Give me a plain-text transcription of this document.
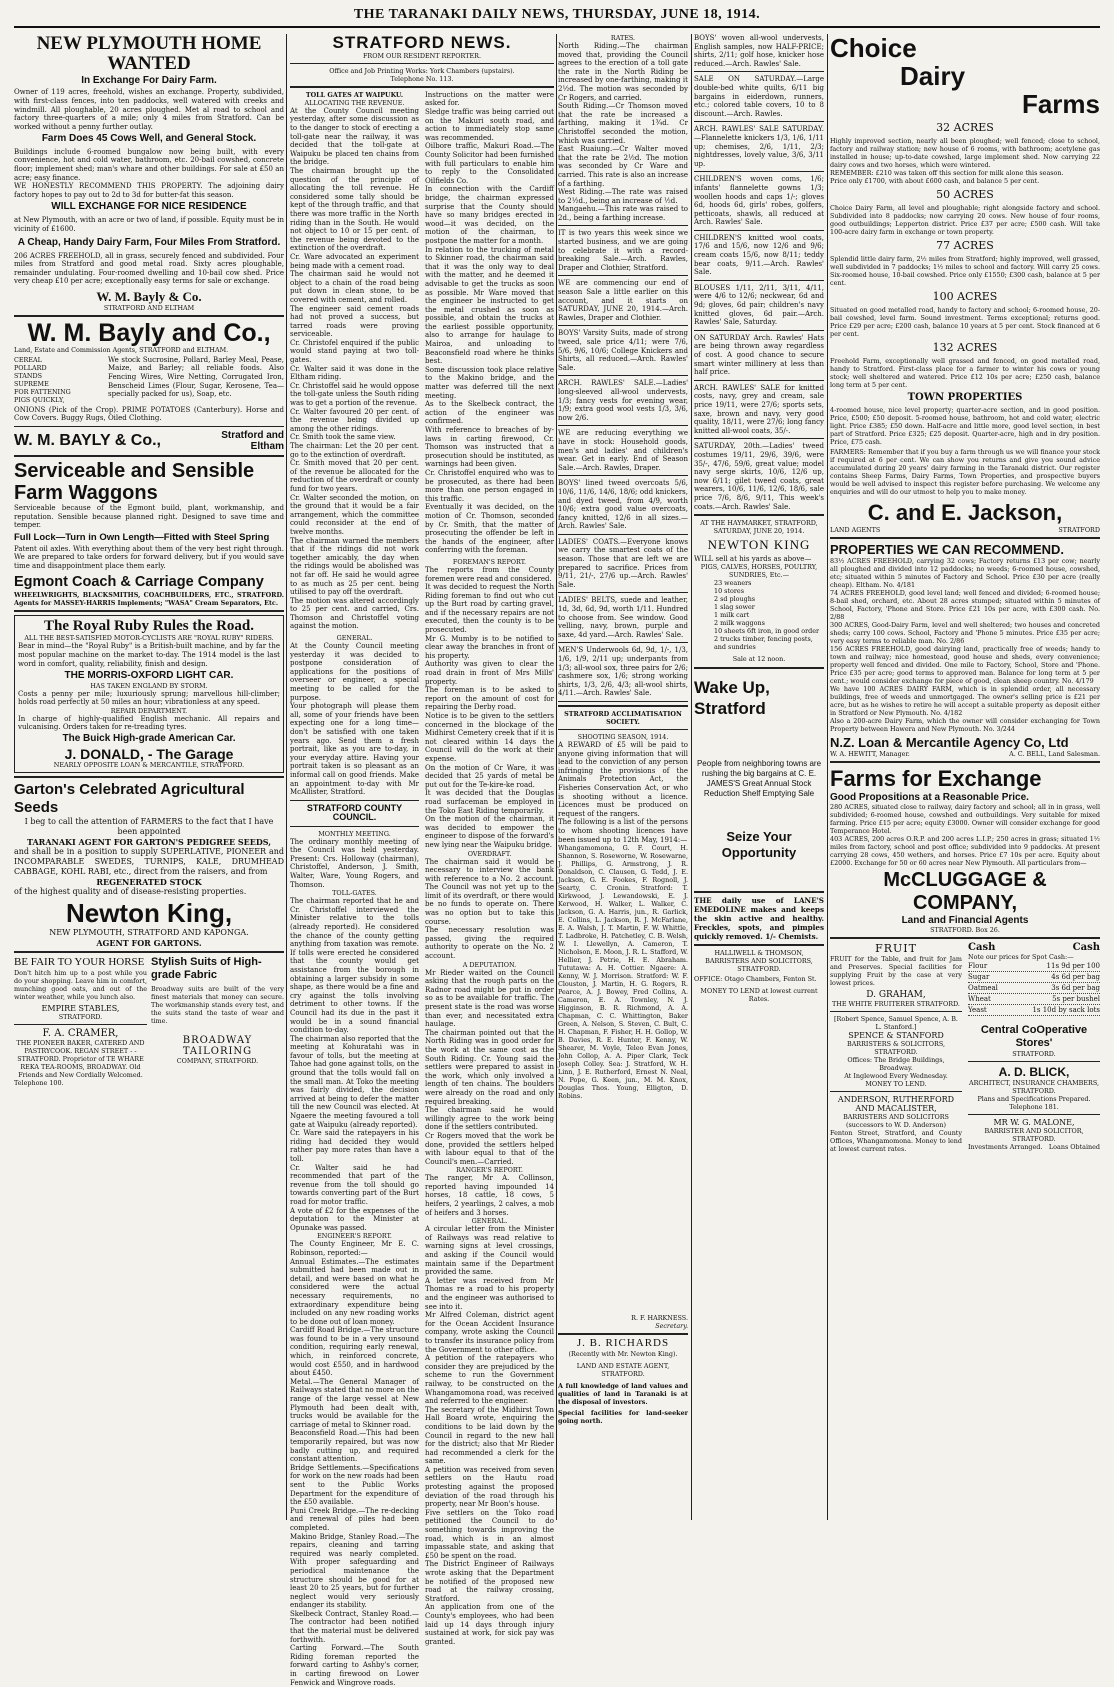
THE TARANAKI DAILY NEWS, THURSDAY, JUNE 18, 1914.
NEW PLYMOUTH HOME WANTED
In Exchange For Dairy Farm.

Owner of 119 acres, freehold, wishes an exchange. Property, subdivided, with first-class fences, into ten paddocks, well watered with creeks and windmill. All ploughable, 20 acres ploughed. Met al road to school and factory three-quarters of a mile; only 4 miles from Stratford. Can be worked without a penny further outlay.

Farm Does 45 Cows Well, and General Stock.

Buildings include 6-roomed bungalow now being built, with every convenience, hot and cold water, bathroom, etc. 20-bail cowshed, concrete floor; implement shed; man's whare and other buildings. For sale at £50 an acre; easy finance.

WE HONESTLY RECOMMEND THIS PROPERTY. The adjoining dairy factory hopes to pay out to 2d to 3d for butter-fat this season.

WILL EXCHANGE FOR NICE RESIDENCE

at New Plymouth, with an acre or two of land, if possible. Equity must be in vicinity of £1600.

A Cheap, Handy Dairy Farm, Four Miles From Stratford.

206 ACRES FREEHOLD, all in grass, securely fenced and subdivided. Four miles from Stratford and good metal road. Sixty acres ploughable, remainder undulating. Four-roomed dwelling and 10-bail cow shed. Price very cheap £10 per acre; exceptionally easy terms for sale or exchange.

W. M. Bayly & Co.
STRATFORD AND ELTHAM
W. M. Bayly and Co.,
Land, Estate and Commission Agents, STRATFORD and ELTHAM.
CEREAL
POLLARD
STANDS
SUPREME
FOR FATTENING
PIGS QUICKLY,

We stock Sucrosine, Pollard, Barley Meal, Pease, Maize, and Barley; all reliable foods. Also Fencing Wires, Wire Netting, Corrugated Iron, Benscheid Limes (Flour, Sugar, Kerosene, Tea—specially packed for us), Soap, etc.

ONIONS (Pick of the Crop). PRIME POTATOES (Canterbury). Horse and Cow Covers. Buggy Rugs, Oiled Clothing.

W. M. BAYLY & Co.,	Stratford and Eltham
Serviceable and Sensible Farm Waggons

Serviceable because of the Egmont build, plant, workmanship, and reputation. Sensible because planned right. Designed to save time and temper.

Full Lock—Turn in Own Length—Fitted with Steel Spring

Patent oil axles. With everything about them of the very best right through. We are prepared to take orders for forward delivery, but if you would save time and disappointment place them early.

Egmont Coach & Carriage Company

WHEELWRIGHTS, BLACKSMITHS, COACHBUILDERS, ETC., STRATFORD. Agents for MASSEY-HARRIS Implements; "WASA" Cream Separators, Etc.

The Royal Ruby Rules the Road.
ALL THE BEST-SATISFIED MOTOR-CYCLISTS ARE "ROYAL RUBY" RIDERS.

Bear in mind—the "Royal Ruby" is a British-built machine, and by far the most popular machine on the market to-day. The 1914 model is the last word in comfort, quality, reliability, finish and design.

THE MORRIS-OXFORD LIGHT CAR.
HAS TAKEN ENGLAND BY STORM.

Costs a penny per mile; luxuriously sprung; marvellous hill-climber; holds road perfectly at 50 miles an hour; vibrationless at any speed.

REPAIR DEPARTMENT.

In charge of highly-qualified English mechanic. All repairs and vulcanising. Orders taken for re-treading tyres.

The Buick High-grade American Car.
J. DONALD, - The Garage
NEARLY OPPOSITE LOAN & MERCANTILE, STRATFORD.
Garton's Celebrated Agricultural Seeds

I beg to call the attention of FARMERS to the fact that I have been appointed

TARANAKI AGENT FOR GARTON'S PEDIGREE SEEDS,

and shall be in a position to supply SUPERLATIVE, PIONEER and INCOMPARABLE SWEDES, TURNIPS, KALE, DRUMHEAD CABBAGE, KOHL RABI, etc., direct from the raisers, and from

REGENERATED STOCK

of the highest quality and of disease-resisting properties.

Newton King,
NEW PLYMOUTH, STRATFORD AND KAPONGA.
AGENT FOR GARTONS.
BE FAIR TO YOUR HORSE

Don't hitch him up to a post while you do your shopping. Leave him in comfort, munching good oats, and out of the winter weather, while you lunch also.

EMPIRE STABLES,
STRATFORD.
F. A. CRAMER,

THE PIONEER BAKER, CATERED AND PASTRYCOOK. REGAN STREET - - STRATFORD. Proprietor of TE WHARE REKA TEA-ROOMS, BROADWAY. Old Friends and New Cordially Welcomed.

Telephone 100.
Stylish Suits of High-grade Fabric

Broadway suits are built of the very finest materials that money can secure. The workmanship stands every test, and the suits stand the taste of wear and time.

BROADWAY TAILORING
COMPANY, STRATFORD.
STRATFORD NEWS.
FROM OUR RESIDENT REPORTER.
Office and Job Printing Works: York Chambers (upstairs).
Telephone No. 113.
TOLL GATES AT WAIPUKU.
ALLOCATING THE REVENUE.

At the County Council meeting yesterday, after some discussion as to the danger to stock of erecting a toll-gate near the railway, it was decided that the toll-gate at Waipuku be placed ten chains from the bridge.

The chairman brought up the question of the principle of allocating the toll revenue. He considered some tally should be kept of the through traffic, and that there was more traffic in the North riding than in the South. He would not object to 10 or 15 per cent. of the revenue being devoted to the extinction of the overdraft.

Cr. Ware advocated an experiment being made with a cement road.

The chairman said he would not object to a chain of the road being put down in clean stone, to be covered with cement, and rolled.

The engineer said cement roads had not proved a success, but tarred roads were proving serviceable.

Cr. Christofel enquired if the public would stand paying at two toll-gates.

Cr. Walter said it was done in the Eltham riding.

Cr. Christoffel said he would oppose the toll-gate unless the South riding was to get a portion of the revenue.

Cr. Walter favoured 20 per cent. of the revenue being divided up among the other ridings.

Cr. Smith took the same view.

The chairman: Let the 20 per cent. go to the extinction of overdraft.

Cr. Smith moved that 20 per cent. of the revenue be allocated for the reduction of the overdraft or county fund for two years.

Cr. Walter seconded the motion, on the ground that it would be a fair arrangement, which the committee could reconsider at the end of twelve months.

The chairman warned the members that if the ridings did not work together amicably, the day when the ridings would be abolished was not far off. He said he would agree to as much as 25 per cent. being utilised to pay off the overdraft.

The motion was altered accordingly to 25 per cent. and carried, Crs. Thomson and Christoffel voting against the motion.

GENERAL.

At the County Council meeting yesterday it was decided to postpone consideration of applications for the positions of overseer or engineer, a special meeting to be called for the purpose.

Your photograph will please them all, some of your friends have been expecting one for a long time—don't be satisfied with one taken years ago. Send them a fresh portrait, like as you are to-day, in your everyday attire. Having your portrait taken is so pleasant as an informal call on good friends. Make an appointment to-day with Mr McAllister, Stratford.

STRATFORD COUNTY COUNCIL.
MONTHLY MEETING.

The ordinary monthly meeting of the Council was held yesterday. Present: Crs. Holloway (chairman), Christoffel, Anderson, J. Smith, Walter, Ware, Young Rogers, and Thomson.

TOLL-GATES.

The chairman reported that he and Cr. Christoffel interviewed the Minister relative to the tolls (already reported). He considered the chance of the county getting anything from taxation was remote. If tolls were erected he considered that the county would get assistance from the borough in obtaining a larger subsidy in some shape, as there would be a fine and cry against the tolls involving detriment to other towns. If the Council had its due in the past it would be in a sound financial condition to-day.

The chairman also reported that the meeting at Kohuratahi was in favour of tolls, but the meeting at Tahoe had gone against tolls, on the ground that the tolls would fall on the small man. At Toko the meeting was fairly divided, the decision arrived at being to defer the matter till the new Council was elected. At Ngaere the meeting favoured a toll gate at Waipuku (already reported).

Cr. Ware said the ratepayers in his riding had decided they would rather pay more rates than have a toll.

Cr. Walter said he had recommended that part of the revenue from the toll should go towards converting part of the Burt road for motor traffic.

A vote of £2 for the expenses of the deputation to the Minister at Opunake was passed.

ENGINEER'S REPORT.

The County Engineer, Mr E. C. Robinson, reported:—

Annual Estimates.—The estimates submitted had been made out in detail, and were based on what he considered were the actual necessary requirements, no extraordinary expenditure being included on any new roading works to be done out of loan money.

Cardiff Road Bridge.—The structure was found to be in a very unsound condition, requiring early renewal, which, in reinforced concrete, would cost £550, and in hardwood about £450.

Metal.—The General Manager of Railways stated that no more on the range of the large vessel at New Plymouth had been dealt with, trucks would be available for the carriage of metal to Skinner road.

Beaconsfield Road.—This had been temporarily repaired, but was now badly cutting up, and required constant attention.

Bridge Settlements.—Specifications for work on the new roads had been sent to the Public Works Department for the expenditure of the £50 available.

Puni Creek Bridge.—The re-decking and renewal of piles had been completed.

Makino Bridge, Stanley Road.—The repairs, cleaning and tarring required was nearly completed. With proper safeguarding and periodical maintenance the structure should be good for at least 20 to 25 years, but for further neglect would very seriously endanger its stability.

Skelbeck Contract, Stanley Road.—The contractor had been notified that the material must be delivered forthwith.

Carting Forward.—The South Riding foreman reported the forward carting to Ashby's corner, in carting firewood on Lower Fenwick and Wingrove roads.

Instructions on the matter were asked for.

Sledge traffic was being carried out on the Makuri south road, and action to immediately stop same was recommended.

Oilbore traffic, Makuri Road.—The County Solicitor had been furnished with full particulars to enable him to reply to the Consolidated Oilfields Co.

In connection with the Cardiff bridge, the chairman expressed surprise that the County should have so many bridges erected in wood—it was decided, on the motion of the chairman, to postpone the matter for a month.

In relation to the trucking of metal to Skinner road, the chairman said that it was the only way to deal with the matter, and he deemed it advisable to get the trucks as soon as possible. Mr Ware moved that the engineer be instructed to get the metal crushed as soon as possible, and obtain the trucks at the earliest possible opportunity, also to arrange for haulage to Mairoa, and unloading to Beaconsfield road where he thinks best.

Some discussion took place relative to the Makino bridge, and the matter was deferred till the next meeting.

As to the Skelbeck contract, the action of the engineer was confirmed.

With reference to breaches of by-laws in carting firewood, Cr. Thomson was instructed that a prosecution should be instituted, as warnings had been given.

Cr. Christoffel enquired who was to be prosecuted, as there had been more than one person engaged in this traffic.

Eventually it was decided, on the motion of Cr. Thomson, seconded by Cr. Smith, that the matter of prosecuting the offender be left in the hands of the engineer, after conferring with the foreman.

FOREMAN'S REPORT.

The reports from the County foremen were read and considered.

It was decided to request the North Riding foreman to find out who cut up the Burt road by carting gravel, and if the necessary repairs are not executed, then the county is to be prosecuted.

Mr G. Mumby is to be notified to clear away the branches in front of his property.

Authority was given to clear the road drain in front of Mrs Mills' property.

The foreman is to be asked to report on the amount of cost for repairing the Derby road.

Notice is to be given to the settlers concerned in the blockage of the Midhirst Cemetery creek that if it is not cleared within 14 days the Council will do the work at their expense.

On the motion of Cr Ware, it was decided that 25 yards of metal be put out for the Te-kire-ke road.

It was decided that the Douglas road surfaceman be employed in the Toko East Riding temporarily.

On the motion of the chairman, it was decided to empower the engineer to dispose of the forward's new lying near the Waipuku bridge.

OVERDRAFT.

The chairman said it would be necessary to interview the bank with reference to a No. 2 account. The Council was not yet up to the limit of its overdraft, or there would be no funds to operate on. There was no option but to take this course.

The necessary resolution was passed, giving the required authority to operate on the No. 2 account.

A DEPUTATION.

Mr Rieder waited on the Council asking that the rough parts on the Radnor road might be put in order so as to be available for traffic. The present state is the road was worse than ever, and necessitated extra haulage.

The chairman pointed out that the North Riding was in good order for the work at the same cost as the South Riding. Cr. Young said the settlers were prepared to assist in the work, which only involved a length of ten chains. The boulders were already on the road and only required breaking.

The chairman said he would willingly agree to the work being done if the settlers contributed.

Cr Rogers moved that the work be done, provided the settlers helped with labour equal to that of the Council's men.—Carried.

RANGER'S REPORT.

The ranger, Mr A. Collinson, reported having impounded 14 horses, 18 cattle, 18 cows, 5 heifers, 2 yearlings, 2 calves, a mob of heifers and 3 horses.

GENERAL.

A circular letter from the Minister of Railways was read relative to warning signs at level crossings, and asking if the Council would maintain same if the Department provided the same.

A letter was received from Mr Thomas re a road to his property and the engineer was authorised to see into it.

Mr Alfred Coleman, district agent for the Ocean Accident Insurance company, wrote asking the Council to transfer its insurance policy from the Government to other office.

A petition of the ratepayers who consider they are prejudiced by the scheme to run the Government railway, to be constructed on the Whangamomona road, was received and referred to the engineer.

The secretary of the Midhirst Town Hall Board wrote, enquiring the conditions to be laid down by the Council in regard to the new hall for the district; also that Mr Rieder had recommended a clerk for the same.

A petition was received from seven settlers on the Hautu road protesting against the proposed deviation of the road through his property, near Mr Boon's house.

Five settlers on the Toko road petitioned the Council to do something towards improving the road, which is in an almost impassable state, and asking that £50 be spent on the road.

The District Engineer of Railways wrote asking that the Department be notified of the proposed new road at the railway crossing, Stratford.

An application from one of the County's employees, who had been laid up 14 days through injury sustained at work, for sick pay was granted.

RATES.

North Riding.—The chairman moved that, providing the Council agrees to the erection of a toll gate the rate in the North Riding be increased by one-farthing, making it 2½d. The motion was seconded by Cr Rogers, and carried.

South Riding.—Cr Thomson moved that the rate be increased a farthing, making it 1¾d. Cr Christoffel seconded the motion, which was carried.

East Ruaiung.—Cr Walter moved that the rate be 2½d. The motion was seconded by Cr Ware and carried. This rate is also an increase of a farthing.

West Riding.—The rate was raised to 2½d., being an increase of ½d.

Mangaehu.—This rate was raised to 2d., being a farthing increase.

IT is two years this week since we started business, and we are going to celebrate it with a record-breaking Sale.—Arch. Rawles, Draper and Clothier, Stratford.

WE are commencing our end of season Sale a little earlier on this account, and it starts on SATURDAY, JUNE 20, 1914.—Arch. Rawles, Draper and Clothier.

BOYS' Varsity Suits, made of strong tweed, sale price 4/11; were 7/6, 5/6, 9/6, 10/6; College Knickers and Shirts, all reduced.—Arch. Rawles' Sale.

ARCH. RAWLES' SALE.—Ladies' long-sleeved all-wool undervests, 1/3; fancy vests for evening wear, 1/9; extra good wool vests 1/3, 3/6, now 2/6.

WE are reducing everything we have in stock: Household goods, men's and ladies' and children's wear. Get in early. End of Season Sale.—Arch. Rawles, Draper.

BOYS' lined tweed overcoats 5/6, 10/6, 11/6, 14/6, 18/6; odd knickers, and dyed tweed, from 4/9, worth 10/6; extra good value overcoats, fancy knitted, 12/6 in all sizes.—Arch. Rawles' Sale.

LADIES' COATS.—Everyone knows we carry the smartest coats of the season. Those that are left we are prepared to sacrifice. Prices from 9/11, 21/-, 27/6 up.—Arch. Rawles' Sale.

LADIES' BELTS, suede and leather, 1d, 3d, 6d, 9d, worth 1/11. Hundred to choose from. See window. Good velling, navy, brown, purple and saxe, 4d yard.—Arch. Rawles' Sale.

MEN'S Underwools 6d, 9d, 1/-, 1/3, 1/6, 1/9, 2/11 up; underpants from 1/3; all-wool sox, three pairs for 2/6; cashmere sox, 1/6; strong working shirts, 1/3, 2/6, 4/3; all-wool shirts, 4/11.—Arch. Rawles' Sale.

STRATFORD ACCLIMATISATION SOCIETY.
SHOOTING SEASON, 1914.

A REWARD of £5 will be paid to anyone giving information that will lead to the conviction of any person infringing the provisions of the Animals Protection Act, the Fisheries Conservation Act, or who is shooting without a licence. Licences must be produced on request of the rangers.

The following is a list of the persons to whom shooting licences have been issued up to 12th May, 1914:—

Whangamomona, G. F. Court, H. Shannon, S. Roseworne, W. Rosewarne, J. Phillips, G. Armstrong, J. R. Donaldson, C. Clausen, G. Tedd, J. E. Jackson, G. E. Fookes, F. Rognoll, J. Searty, C. Cronin. Stratford: T. Kirkwood, J. Lewandowski, E. J. Kerwood, H. Walker, L. Walker, C. Jackson, G. A. Harris, jun., R. Garlick, E. Collins, L. Jackson, R. J. McFarlane, E. A. Walsh, J. T. Martin, F. W. Whittle, T. Ladbroke, H. Patchetley, C. B. Welsh, W. I. Llewellyn, A. Cameron, T. Nicholson, E. Moon, J. R. L. Stafford, W. Hellier, J. Petrie, H. E. Abraham. Tututawa: A. H. Cottier. Ngaere: A. Kenny, W. J. Morrison. Stratford: W. F. Clouston, J. Martin, H. G. Rogers, R. Pearce, A. J. Bowey, Fred Collins, A. Cameron, E. A. Townley, N. J. Higginson, B. R. Richmond, A. A. Chapman, C. C. Whittington, Baker Green, A. Nelson, S. Steven, C. Bult, C. H. Chapman, F. Fisher, H. H. Gollop, W. B. Davies, R. E. Hunter, F. Kenny, W. Shearer, M. Voyle, Teleo Evan Jones, John Collop, A. A. Piper Clark, Teck Joseph Colley. Sea: J. Stratford, W. H. Linn, J. E. Rutherford, Ernest N. Neal, N. Pope, G. Keen, jun., M. M. Knox, Douglas Thos. Young, Elligton, D. Robins.

R. F. HARKNESS.
Secretary.
J. B. RICHARDS
(Recently with Mr. Newton King).
LAND AND ESTATE AGENT,
STRATFORD.

A full knowledge of land values and qualities of land in Taranaki is at the disposal of investors.

Special facilities for land-seeker going north.

BOYS' woven all-wool undervests, English samples, now HALF-PRICE; shirts, 2/11; golf hose, knicker hose reduced.—Arch. Rawles' Sale.

SALE ON SATURDAY.—Large double-bed white quilts, 6/11 big bargains in eiderdown, runners, etc.; colored table covers, 10 to 8 discount.—Arch. Rawles.

ARCH. RAWLES' SALE SATURDAY.—Flannelette knickers 1/3, 1/6, 1/11 up; chemises, 2/6, 1/11, 2/3; nightdresses, lovely value, 3/6, 3/11 up.

CHILDREN'S woven coms, 1/6; infants' flannelette gowns 1/3; woollen hoods and caps 1/-; gloves 6d, hoods 6d, girls' robes, golfers, petticoats, shawls, all reduced at Arch. Rawles' Sale.

CHILDREN'S knitted wool coats, 17/6 and 15/6, now 12/6 and 9/6; cream coats 15/6, now 8/11; teddy bear coats, 9/11.—Arch. Rawles' Sale.

BLOUSES 1/11, 2/11, 3/11, 4/11, were 4/6 to 12/6; neckwear, 6d and 9d; gloves, 6d pair; children's navy knitted gloves, 6d pair.—Arch. Rawles' Sale, Saturday.

ON SATURDAY Arch. Rawles' Hats are being thrown away regardless of cost. A good chance to secure smart winter millinery at less than half price.

ARCH. RAWLES' SALE for knitted costs, navy, grey and cream, sale price 19/11, were 27/6; sports sets, saxe, brown and navy, very good quality, 18/11, were 27/6; long fancy knitted all-wool coats, 35/-.

SATURDAY, 20th.—Ladies' tweed costumes 19/11, 29/6, 39/6, were 35/-, 47/6, 59/6, great value; model navy serge skirts, 10/6, 12/6 up, now 6/11; gilet tweed coats, great wearers, 10/6, 11/6, 12/6, 18/6, sale price 7/6, 8/6, 9/11, This week's coats.—Arch. Rawles' Sale.

AT THE HAYMARKET, STRATFORD,
SATURDAY, JUNE 20, 1914.
NEWTON KING

WILL sell at his yards as above—

PIGS, CALVES, HORSES, POULTRY, SUNDRIES, Etc.—
23 weaners
10 stores
2 sd ploughs
1 slag sower
1 milk cart
2 milk waggons
10 sheets 6ft iron, in good order
2 trucks timber, fencing posts, and sundries
Sale at 12 noon.
Wake Up, Stratford

People from neighboring towns are rushing the big bargains at C. E. JAMES'S Great Annual Stock Reduction Shelf Emptying Sale

Seize Your Opportunity

THE daily use of LANE'S EMEDOLINE makes and keeps the skin active and healthy. Freckles, spots, and pimples quickly removed. 1/- Chemists.

HALLIWELL & THOMSON,
BARRISTERS AND SOLICITORS, STRATFORD.
OFFICE: Otago Chambers, Fenton St.
MONEY TO LEND at lowest current Rates.
Choice
Dairy
Farms
32 ACRES

Highly improved section, nearly all been ploughed; well fenced; close to school, factory and railway station; new house of 6 rooms, with bathroom; acetylene gas installed in house; up-to-date cowshed, large implement shed. Now carrying 22 dairy cows and two horses, which were wintered.

REMEMBER: £210 was taken off this section for milk alone this season.

Price only £1700, with about £600 cash, and balance 5 per cent.

50 ACRES

Choice Dairy Farm, all level and ploughable; right alongside factory and school. Subdivided into 8 paddocks; now carrying 20 cows. New house of four rooms, good outbuildings; Lepperton district. Price £37 per acre; £500 cash. Will take 100-acre dairy farm in exchange or town property.

77 ACRES

Splendid little dairy farm, 2½ miles from Stratford; highly improved, well grassed, well subdivided in 7 paddocks; 1½ miles to school and factory. Will carry 25 cows. Six-roomed house, 10-bail cowshed. Price only £1550; £300 cash, balance at 5 per cent.

100 ACRES

Situated on good metalled road, handy to factory and school; 6-roomed house, 20-bail cowshed, level farm. Sound investment. Terms exceptional; returns good. Price £29 per acre; £200 cash, balance 10 years at 5 per cent. Stock financed at 6 per cent.

132 ACRES

Freehold Farm, exceptionally well grassed and fenced, on good metalled road, handy to Stratford. First-class place for a farmer to winter his cows or young stock; well sheltered and watered. Price £12 10s per acre; £250 cash, balance long term at 5 per cent.

TOWN PROPERTIES

4-roomed house, nice level property; quarter-acre section, and in good position. Price, £500; £50 deposit. 5-roomed house, bathroom, hot and cold water, electric light. Price £385; £50 down. Half-acre and little more, good level section, in best part of Stratford. Price £325; £25 deposit. Quarter-acre, high and in dry position. Price, £75 cash.

FARMERS: Remember that if you buy a farm through us we will finance your stock if required at 6 per cent. We can show you returns and give you sound advice accumulated during 20 years' dairy farming in the Taranaki district. Our register contains Sheep Farms, Dairy Farms, Town Properties, and prospective buyers would be well advised to inspect this register before purchasing. We welcome any enquiries and will do our utmost to help you to make money.

C. and E. Jackson,
LAND AGENTS	STRATFORD
PROPERTIES WE CAN RECOMMEND.

83½ ACRES FREEHOLD, carrying 32 cows; Factory returns £13 per cow; nearly all ploughed and divided into 12 paddocks; no weeds; 6-roomed house, cowshed, etc; situated within 5 minutes of Factory and School. Price £30 per acre (really cheap). Eltham. No. 4/181

74 ACRES FREEHOLD, good level land; well fenced and divided; 6-roomed house; 8-bail shed, orchard, etc. About 28 acres stumped; situated within 5 minutes of School, Factory, 'Phone and Store. Price £21 10s per acre, with £300 cash. No. 2/88

300 ACRES, Good-Dairy Farm, level and well sheltered; two houses and concreted sheds; carry 100 cows. School, Factory and 'Phone 5 minutes. Price £35 per acre; very easy terms to reliable man. No. 2/86

156 ACRES FREEHOLD, good dairying land, practically free of weeds; handy to town and railway; nice homestead, good house and sheds, every convenience; property well fenced and divided. One mile to Factory, School, Store and 'Phone. Price £35 per acre; good terms to approved man. Balance for long term at 5 per cent.; would consider exchange for piece of good, clean sheep country. No. 4/179

We have 100 ACRES DAIRY FARM, which is in splendid order, all necessary buildings, free of weeds and unmortgaged. The owner's selling price is £21 per acre, but as he wishes to retire he will accept a suitable property as deposit either in Stratford or New Plymouth. No. 4/182

Also a 200-acre Dairy Farm, which the owner will consider exchanging for Town Property between Hawera and New Plymouth. No. 3/244

N.Z. Loan & Mercantile Agency Co, Ltd
W. A. HEWITT, Manager.	A. C. BELL, Land Salesman.
Farms for Exchange
Good Propositions at a Reasonable Price.

280 ACRES, situated close to railway, dairy factory and school; all in in grass, well subdivided; 6-roomed house, cowshed and outbuildings. Very suitable for mixed farming. Price £15 per acre; equity £3000. Owner will consider exchange for good Temperance Hotel.

403 ACRES, 200 acres O.R.P. and 200 acres L.I.P.; 250 acres in grass; situated 1½ miles from factory, school and post office; subdivided into 9 paddocks. At present carrying 28 cows, 450 wethers, and horses. Price £7 10s per acre. Equity about £2000. Exchange for 50 or 60 acres near New Plymouth. All particulars from—

McCLUGGAGE & COMPANY,
Land and Financial Agents
STRATFORD. Box 26.
FRUIT

FRUIT for the Table, and fruit for Jam and Preserves. Special facilities for supplying Fruit by the case at very lowest prices.

D. GRAHAM,
THE WHITE FRUITERER STRATFORD.
[Robert Spence, Samuel Spence, A. B. L. Stanford.]
SPENCE & STANFORD
BARRISTERS & SOLICITORS, STRATFORD.
Offices: The Bridge Buildings, Broadway.
At Inglewood Every Wednesday.
MONEY TO LEND.
ANDERSON, RUTHERFORD AND MACALISTER,
BARRISTERS AND SOLICITORS (successors to W. D. Anderson)

Fenton Street, Stratford, and County Offices, Whangamomona. Money to lend at lowest current rates.

Cash	Cash
Note our prices for Spot Cash:—
Flour	11s 9d per 100
Sugar	4s 6d per bag
Oatmeal	3s 6d per bag
Wheat	5s per bushel
Yeast	1s 10d by sack lots
Central CoOperative Stores'
STRATFORD.
A. D. BLICK,
ARCHITECT, INSURANCE CHAMBERS, STRATFORD.
Plans and Specifications Prepared. Telephone 181.
MR W. G. MALONE,
BARRISTER AND SOLICITOR, STRATFORD.
Investments Arranged. Loans Obtained
